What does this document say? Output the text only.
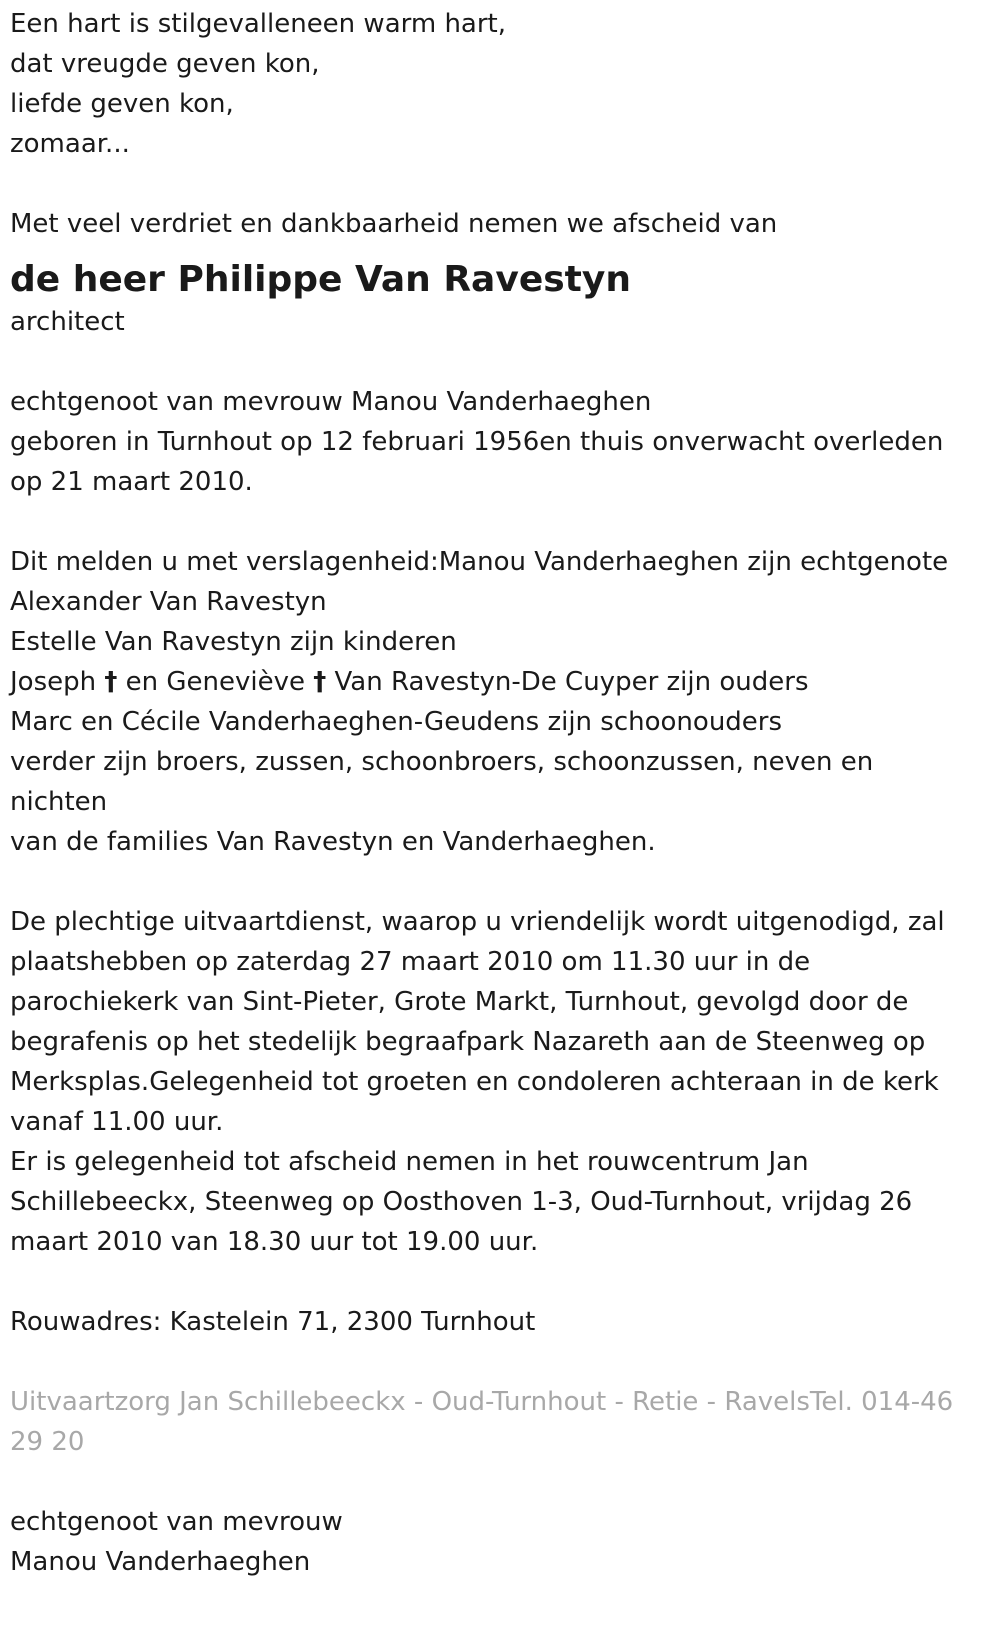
Een hart is stilgevalleneen warm hart,
dat vreugde geven kon,
liefde geven kon,
zomaar...
Met veel verdriet en dankbaarheid nemen we afscheid van
de heer Philippe Van Ravestyn
architect
echtgenoot van mevrouw Manou Vanderhaeghen
geboren in Turnhout op 12 februari 1956en thuis onverwacht overleden
op 21 maart 2010.
Dit melden u met verslagenheid:Manou Vanderhaeghen zijn echtgenote
Alexander Van Ravestyn
Estelle Van Ravestyn zijn kinderen
Joseph † en Geneviève † Van Ravestyn-De Cuyper zijn ouders
Marc en Cécile Vanderhaeghen-Geudens zijn schoonouders
verder zijn broers, zussen, schoonbroers, schoonzussen, neven en
nichten
van de families Van Ravestyn en Vanderhaeghen.
De plechtige uitvaartdienst, waarop u vriendelijk wordt uitgenodigd, zal
plaatshebben op zaterdag 27 maart 2010 om 11.30 uur in de
parochiekerk van Sint-Pieter, Grote Markt, Turnhout, gevolgd door de
begrafenis op het stedelijk begraafpark Nazareth aan de Steenweg op
Merksplas.Gelegenheid tot groeten en condoleren achteraan in de kerk
vanaf 11.00 uur.
Er is gelegenheid tot afscheid nemen in het rouwcentrum Jan
Schillebeeckx, Steenweg op Oosthoven 1-3, Oud-Turnhout, vrijdag 26
maart 2010 van 18.30 uur tot 19.00 uur.
Rouwadres: Kastelein 71, 2300 Turnhout
Uitvaartzorg Jan Schillebeeckx - Oud-Turnhout - Retie - RavelsTel. 014-46
29 20
echtgenoot van mevrouw
Manou Vanderhaeghen
